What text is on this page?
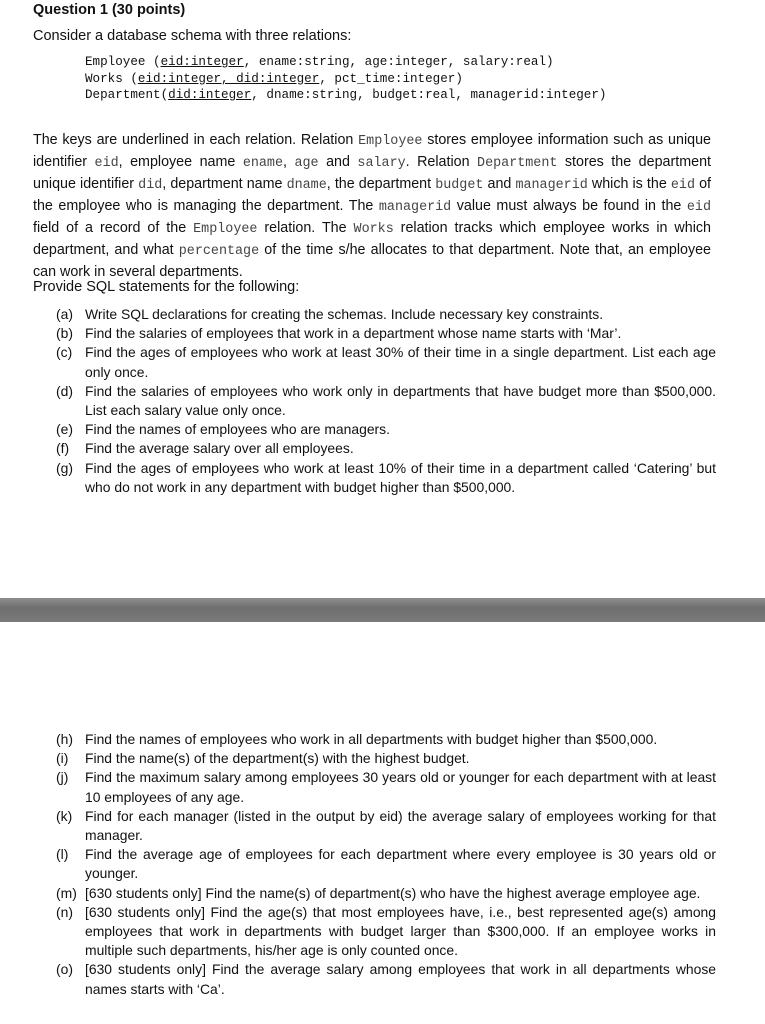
Question 1 (30 points)
Consider a database schema with three relations:
Employee (eid:integer, ename:string, age:integer, salary:real)
Works (eid:integer, did:integer, pct_time:integer)
Department(did:integer, dname:string, budget:real, managerid:integer)
The keys are underlined in each relation. Relation Employee stores employee information such as unique identifier eid, employee name ename, age and salary. Relation Department stores the department unique identifier did, department name dname, the department budget and managerid which is the eid of the employee who is managing the department. The managerid value must always be found in the eid field of a record of the Employee relation. The Works relation tracks which employee works in which department, and what percentage of the time s/he allocates to that department. Note that, an employee can work in several departments.
Provide SQL statements for the following:
(a) Write SQL declarations for creating the schemas. Include necessary key constraints.
(b) Find the salaries of employees that work in a department whose name starts with ‘Mar’.
(c) Find the ages of employees who work at least 30% of their time in a single department. List each age only once.
(d) Find the salaries of employees who work only in departments that have budget more than $500,000. List each salary value only once.
(e) Find the names of employees who are managers.
(f) Find the average salary over all employees.
(g) Find the ages of employees who work at least 10% of their time in a department called ‘Catering’ but who do not work in any department with budget higher than $500,000.
(h) Find the names of employees who work in all departments with budget higher than $500,000.
(i) Find the name(s) of the department(s) with the highest budget.
(j) Find the maximum salary among employees 30 years old or younger for each department with at least 10 employees of any age.
(k) Find for each manager (listed in the output by eid) the average salary of employees working for that manager.
(l) Find the average age of employees for each department where every employee is 30 years old or younger.
(m) [630 students only] Find the name(s) of department(s) who have the highest average employee age.
(n) [630 students only] Find the age(s) that most employees have, i.e., best represented age(s) among employees that work in departments with budget larger than $300,000. If an employee works in multiple such departments, his/her age is only counted once.
(o) [630 students only] Find the average salary among employees that work in all departments whose names starts with ‘Ca’.
